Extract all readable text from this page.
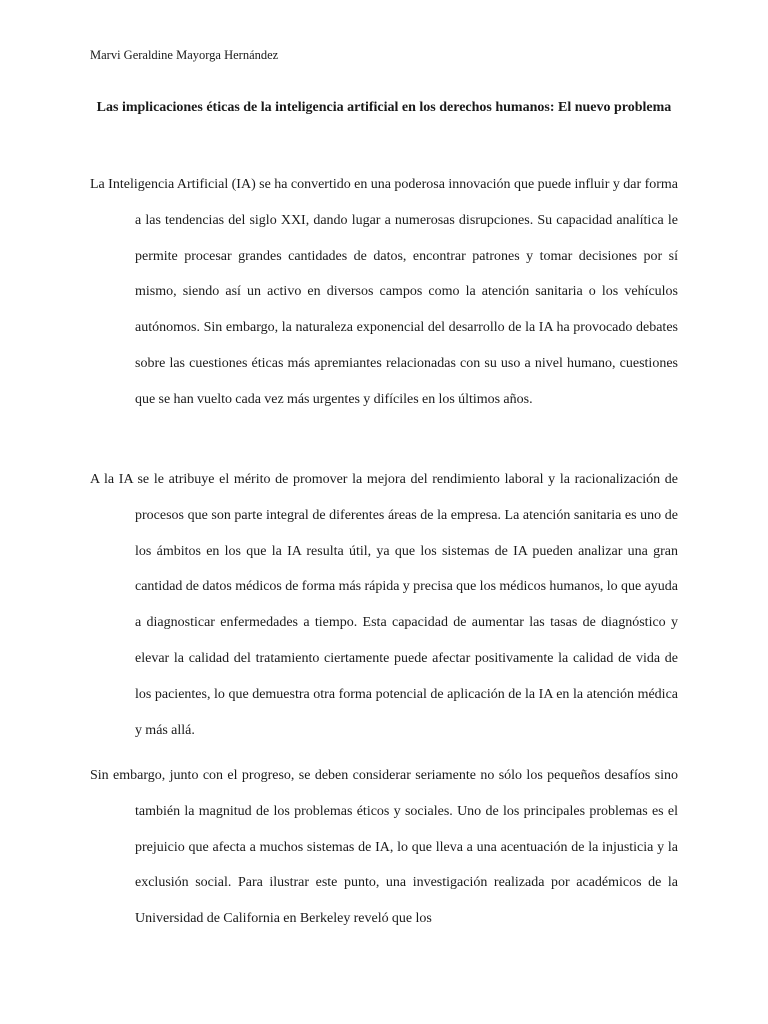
Marvi Geraldine Mayorga Hernández
Las implicaciones éticas de la inteligencia artificial en los derechos humanos: El nuevo problema
La Inteligencia Artificial (IA) se ha convertido en una poderosa innovación que puede influir y dar forma a las tendencias del siglo XXI, dando lugar a numerosas disrupciones. Su capacidad analítica le permite procesar grandes cantidades de datos, encontrar patrones y tomar decisiones por sí mismo, siendo así un activo en diversos campos como la atención sanitaria o los vehículos autónomos. Sin embargo, la naturaleza exponencial del desarrollo de la IA ha provocado debates sobre las cuestiones éticas más apremiantes relacionadas con su uso a nivel humano, cuestiones que se han vuelto cada vez más urgentes y difíciles en los últimos años.
A la IA se le atribuye el mérito de promover la mejora del rendimiento laboral y la racionalización de procesos que son parte integral de diferentes áreas de la empresa. La atención sanitaria es uno de los ámbitos en los que la IA resulta útil, ya que los sistemas de IA pueden analizar una gran cantidad de datos médicos de forma más rápida y precisa que los médicos humanos, lo que ayuda a diagnosticar enfermedades a tiempo. Esta capacidad de aumentar las tasas de diagnóstico y elevar la calidad del tratamiento ciertamente puede afectar positivamente la calidad de vida de los pacientes, lo que demuestra otra forma potencial de aplicación de la IA en la atención médica y más allá.
Sin embargo, junto con el progreso, se deben considerar seriamente no sólo los pequeños desafíos sino también la magnitud de los problemas éticos y sociales. Uno de los principales problemas es el prejuicio que afecta a muchos sistemas de IA, lo que lleva a una acentuación de la injusticia y la exclusión social. Para ilustrar este punto, una investigación realizada por académicos de la Universidad de California en Berkeley reveló que los
